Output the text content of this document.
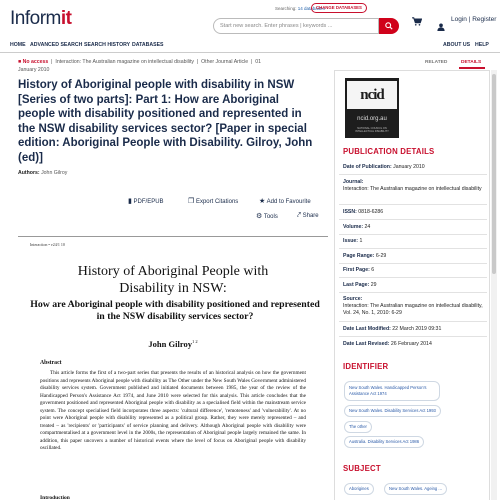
Informit	Searching: 14 databases
CHANGE DATABASES
Start new search. Enter phrases | keywords ...
Login | Register
HOME ADVANCED SEARCH SEARCH HISTORY DATABASES	ABOUT US HELP
■ No access  |  Interaction: The Australian magazine on intellectual disability  |  Other Journal Article  |  01
January 2010
History of Aboriginal people with disability in NSW [Series of two parts]: Part 1: How are Aboriginal people with disability positioned and represented in the NSW disability services sector? [Paper in special edition: Aboriginal People with Disability. Gilroy, John (ed)]
Authors: John Gilroy
▮ PDF/EPUB	❐ Export Citations	★ Add to Favourite
⚙ Tools	⤤ Share
Interaction • v24/1 10
History of Aboriginal People with
Disability in NSW:
How are Aboriginal people with disability positioned and represented in the NSW disability services sector?
John Gilroy$^{1 2}$
Abstract
This article forms the first of a two-part series that presents the results of an historical analysis on how the government positions and represents Aboriginal people with disability as The Other under the New South Wales Government administered disability services system. Government published and initiated documents between 1985, the year of the review of the Handicapped Person's Assistance Act 1974, and June 2010 were selected for this analysis. This article concludes that the government positioned and represented Aboriginal people with disability as a specialised field within the mainstream service system. The concept specialised field incorporates three aspects: 'cultural difference', 'remoteness' and 'vulnerability'. At no point were Aboriginal people with disability represented as a political group. Rather, they were merely represented – and treated – as 'recipients' or 'participants' of service planning and delivery. Although Aboriginal people with disability were compartmentalised at a government level in the 2000s, the representation of Aboriginal people largely remained the same. In addition, this paper uncovers a number of historical events where the level of focus on Aboriginal people with disability oscillated.
Introduction
RELATED	DETAILS
ncid
ncid.org.au
NATIONAL COUNCIL ON INTELLECTUAL DISABILITY
PUBLICATION DETAILS
Date of Publication: January 2010
Journal:
Interaction: The Australian magazine on intellectual disability
ISSN: 0818-6286
Volume: 24
Issue: 1
Page Range: 6-29
First Page: 6
Last Page: 29
Source:
Interaction: The Australian magazine on intellectual disability, Vol. 24, No. 1, 2010: 6-29
Date Last Modified: 22 March 2019 09:31
Date Last Revised: 26 February 2014
IDENTIFIER
New South Wales. Handicapped Person's Assistance Act 1974
New South Wales. Disability Services Act 1993
The other
Australia. Disability Services Act 1986
SUBJECT
Aborigines	New South Wales. Ageing ...
